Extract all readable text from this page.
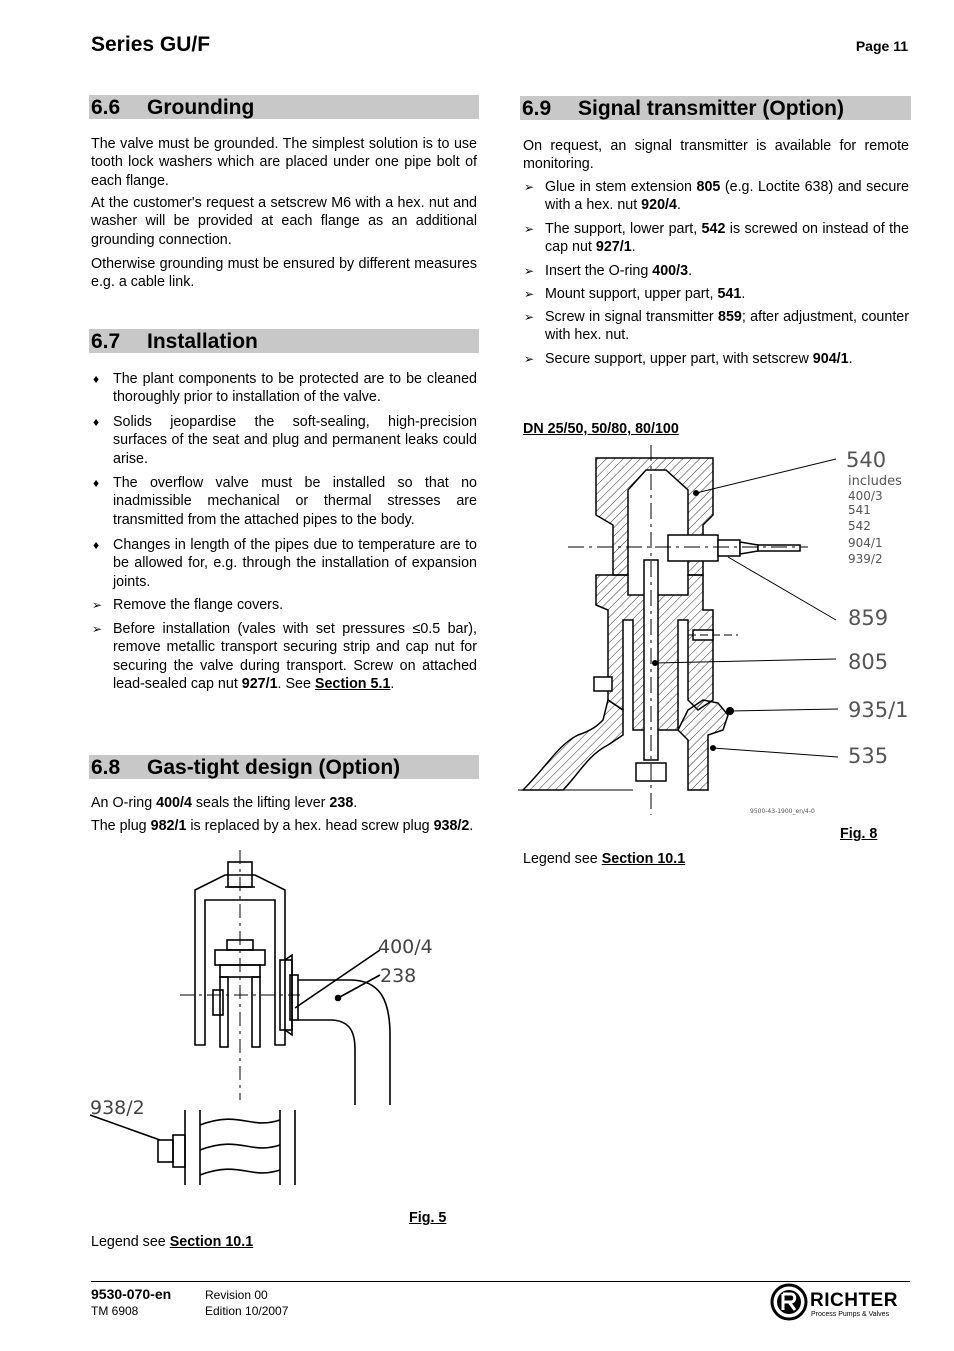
Series GU/F	Page 11
6.6 Grounding
The valve must be grounded. The simplest solution is to use tooth lock washers which are placed under one pipe bolt of each flange.
At the customer's request a setscrew M6 with a hex. nut and washer will be provided at each flange as an additional grounding connection.
Otherwise grounding must be ensured by different measures e.g. a cable link.
6.7 Installation
♦ The plant components to be protected are to be cleaned thoroughly prior to installation of the valve.
♦ Solids jeopardise the soft-sealing, high-precision surfaces of the seat and plug and permanent leaks could arise.
♦ The overflow valve must be installed so that no inadmissible mechanical or thermal stresses are transmitted from the attached pipes to the body.
♦ Changes in length of the pipes due to temperature are to be allowed for, e.g. through the installation of expansion joints.
➢ Remove the flange covers.
➢ Before installation (vales with set pressures ≤0.5 bar), remove metallic transport securing strip and cap nut for securing the valve during transport. Screw on attached lead-sealed cap nut 927/1. See Section 5.1.
6.8 Gas-tight design (Option)
An O-ring 400/4 seals the lifting lever 238.
The plug 982/1 is replaced by a hex. head screw plug 938/2.
400/4
238
938/2
Fig. 5
Legend see Section 10.1
6.9 Signal transmitter (Option)
On request, an signal transmitter is available for remote monitoring.
➢ Glue in stem extension 805 (e.g. Loctite 638) and secure with a hex. nut 920/4.
➢ The support, lower part, 542 is screwed on instead of the cap nut 927/1.
➢ Insert the O-ring 400/3.
➢ Mount support, upper part, 541.
➢ Screw in signal transmitter 859; after adjustment, counter with hex. nut.
➢ Secure support, upper part, with setscrew 904/1.
DN 25/50, 50/80, 80/100
540
includes
400/3
541
542
904/1
939/2
859
805
935/1
535
9500-43-1900_en/4-0
Fig. 8
Legend see Section 10.1
9530-070-en
TM 6908
Revision 00
Edition 10/2007	RICHTER
Process Pumps & Valves
